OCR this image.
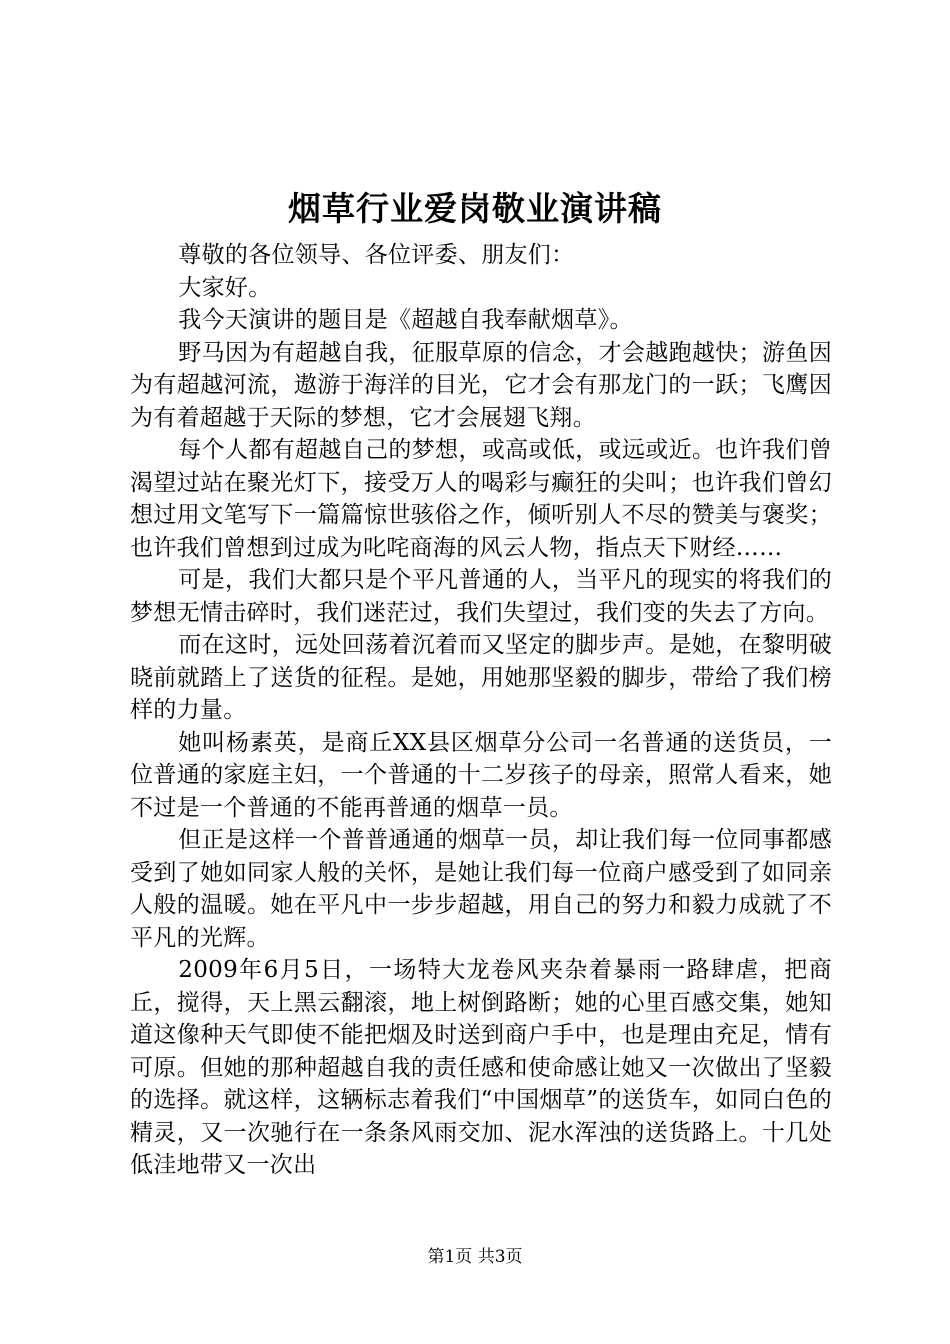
烟草行业爱岗敬业演讲稿

尊敬的各位领导、各位评委、朋友们：

大家好。

我今天演讲的题目是《超越自我奉献烟草》。

野马因为有超越自我，征服草原的信念，才会越跑越快；游鱼因为有超越河流，遨游于海洋的目光，它才会有那龙门的一跃；飞鹰因为有着超越于天际的梦想，它才会展翅飞翔。

每个人都有超越自己的梦想，或高或低，或远或近。也许我们曾渴望过站在聚光灯下，接受万人的喝彩与癫狂的尖叫；也许我们曾幻想过用文笔写下一篇篇惊世骇俗之作，倾听别人不尽的赞美与褒奖；也许我们曾想到过成为叱咤商海的风云人物，指点天下财经……

可是，我们大都只是个平凡普通的人，当平凡的现实的将我们的梦想无情击碎时，我们迷茫过，我们失望过，我们变的失去了方向。

而在这时，远处回荡着沉着而又坚定的脚步声。是她，在黎明破晓前就踏上了送货的征程。是她，用她那坚毅的脚步，带给了我们榜样的力量。

她叫杨素英，是商丘XX县区烟草分公司一名普通的送货员，一位普通的家庭主妇，一个普通的十二岁孩子的母亲，照常人看来，她不过是一个普通的不能再普通的烟草一员。

但正是这样一个普普通通的烟草一员，却让我们每一位同事都感受到了她如同家人般的关怀，是她让我们每一位商户感受到了如同亲人般的温暖。她在平凡中一步步超越，用自己的努力和毅力成就了不平凡的光辉。

2009年6月5日，一场特大龙卷风夹杂着暴雨一路肆虐，把商丘，搅得，天上黑云翻滚，地上树倒路断；她的心里百感交集，她知道这像种天气即使不能把烟及时送到商户手中，也是理由充足，情有可原。但她的那种超越自我的责任感和使命感让她又一次做出了坚毅的选择。就这样，这辆标志着我们“中国烟草”的送货车，如同白色的精灵，又一次驰行在一条条风雨交加、泥水浑浊的送货路上。十几处低洼地带又一次出

第1页 共3页
